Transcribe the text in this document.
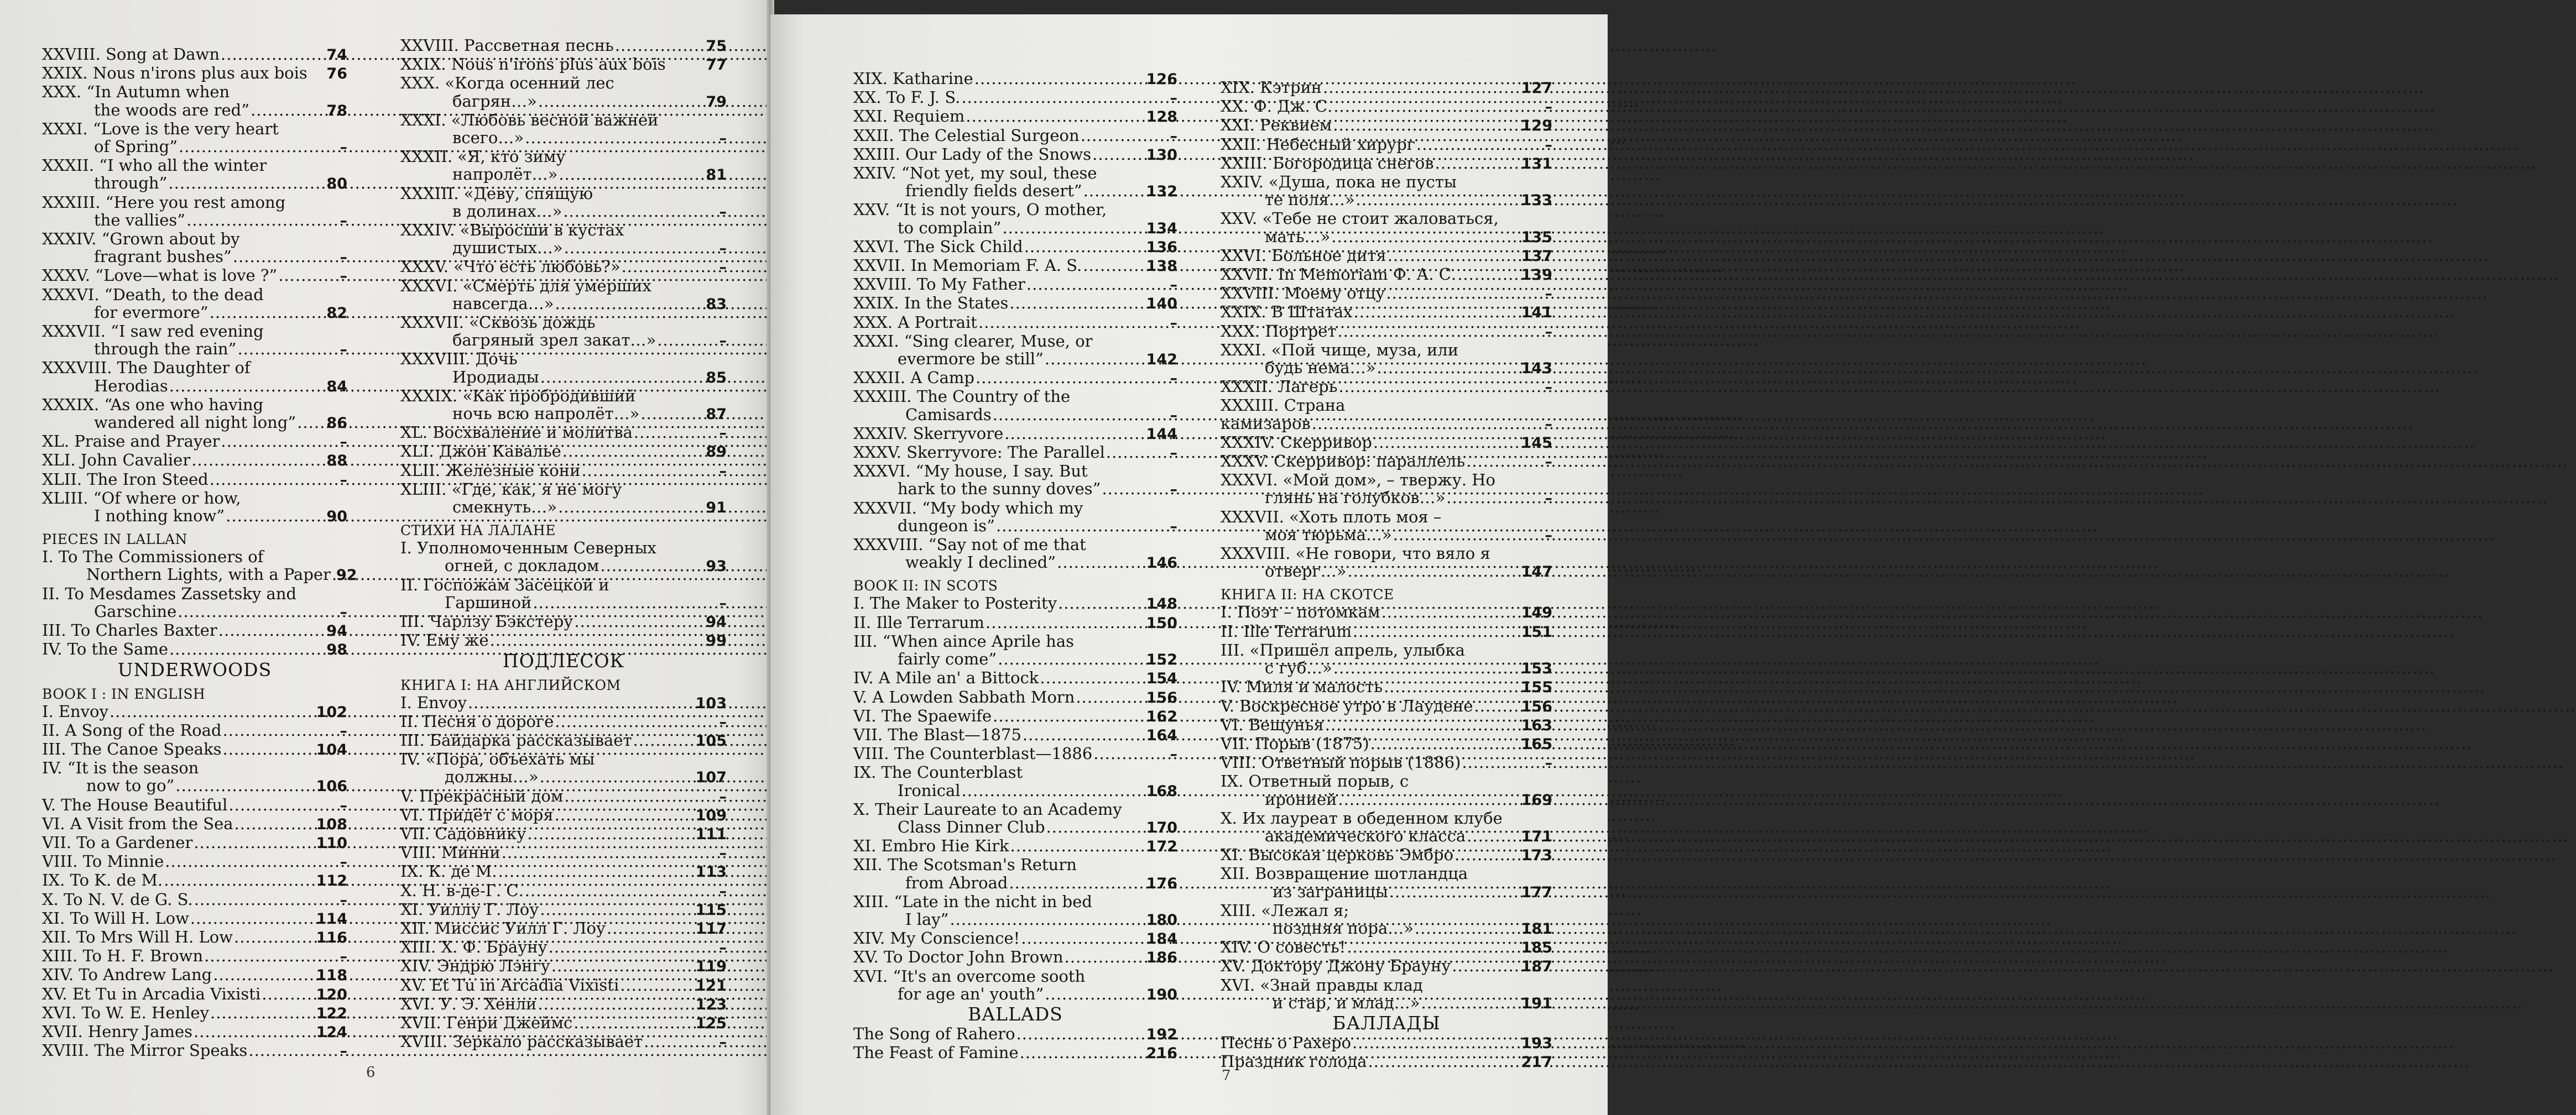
XXVIII. Song at Dawn .....	74
XXIX. Nous n'irons plus aux bois 76
XXX. “In Autumn when
the woods are red” .....	78
XXXI. “Love is the very heart
of Spring” .....	–
XXXII. “I who all the winter
through” .....	80
XXXIII. “Here you rest among
the vallies” .....	–
XXXIV. “Grown about by
fragrant bushes” .....	–
XXXV. “Love—what is love ?” .....	–
XXXVI. “Death, to the dead
for evermore” .....	82
XXXVII. “I saw red evening
through the rain” .....	–
XXXVIII. The Daughter of
Herodias .....	84
XXXIX. “As one who having
wandered all night long” ..... 86
XL. Praise and Prayer .....	–
XLI. John Cavalier .....	88
XLII. The Iron Steed .....	–
XLIII. “Of where or how,
I nothing know” .....	90
PIECES IN LALLAN
I. To The Commissioners of
Northern Lights, with a Paper ..... 92
II. To Mesdames Zassetsky and
Garschine .....	–
III. To Charles Baxter .....	94
IV. To the Same .....	98
UNDERWOODS
BOOK I : IN ENGLISH
I. Envoy .....	102
II. A Song of the Road .....	–
III. The Canoe Speaks .....	104
IV. “It is the season
now to go” .....	106
V. The House Beautiful .....	–
VI. A Visit from the Sea .....	108
VII. To a Gardener .....	110
VIII. To Minnie .....	–
IX. To K. de M. .....	112
X. To N. V. de G. S. .....	–
XI. To Will H. Low .....	114
XII. To Mrs Will H. Low .....	116
XIII. To H. F. Brown .....	–
XIV. To Andrew Lang .....	118
XV. Et Tu in Arcadia Vixisti .....	120
XVI. To W. E. Henley .....	122
XVII. Henry James .....	124
XVIII. The Mirror Speaks .....	–
XXVIII. Рассветная песнь .....	75
XXIX. Nous n'irons plus aux bois	77
XXX. «Когда осенний лес
багрян…» .....	79
XXXI. «Любовь весной важней
всего…» .....	–
XXXII. «Я, кто зиму
напролёт…» .....	81
XXXIII. «Деву, спящую
в долинах…» .....	–
XXXIV. «Выросши в кустах
душистых…» .....	–
XXXV. «Что есть любовь?» .....	–
XXXVI. «Смерть для умерших
навсегда…» .....	83
XXXVII. «Сквозь дождь
багряный зрел закат…» .....	–
XXXVIII. Дочь
Иродиады .....	85
XXXIX. «Как пробродивший
ночь всю напролёт…» .....	87
XL. Восхваление и молитва .....	–
XLI. Джон Кавалье .....	89
XLII. Железные кони .....	–
XLIII. «Где, как, я не могу
смекнуть…» .....	91
СТИХИ НА ЛАЛАНЕ
I. Уполномоченным Северных
огней, с докладом .....	93
II. Госпожам Засецкой и
Гаршиной .....	–
III. Чарлзу Бэкстеру .....	94
IV. Ему же .....	99
ПОДЛЕСОК
КНИГА I: НА АНГЛИЙСКОМ
I. Envoy .....	103
II. Песня о дороге .....	–
III. Байдарка рассказывает .....	105
IV. «Пора, объехать мы
должны…» .....	107
V. Прекрасный дом .....	–
VI. Придёт с моря .....	109
VII. Садовнику .....	111
VIII. Минни .....	–
IX. К. де М. .....	113
X. Н. в-де-Г. С. .....	–
XI. Уиллу Г. Лоу .....	115
XII. Миссис Уилл Г. Лоу .....	117
XIII. Х. Ф. Брауну .....	–
XIV. Эндрю Лэнгу .....	119
XV. Et Tu in Arcadia Vixisti .....	121
XVI. У. Э. Хенли .....	123
XVII. Генри Джеймс .....	125
XVIII. Зеркало рассказывает .....	–
6
XIX. Katharine .....	126
XX. To F. J. S. .....	–
XXI. Requiem .....	128
XXII. The Celestial Surgeon .....	–
XXIII. Our Lady of the Snows .....	130
XXIV. “Not yet, my soul, these
friendly fields desert” .....	132
XXV. “It is not yours, O mother,
to complain” .....	134
XXVI. The Sick Child .....	136
XXVII. In Memoriam F. A. S. .....	138
XXVIII. To My Father .....	–
XXIX. In the States .....	140
XXX. A Portrait .....	–
XXXI. “Sing clearer, Muse, or
evermore be still” .....	142
XXXII. A Camp .....	–
XXXIII. The Country of the
Camisards .....	–
XXXIV. Skerryvore .....	144
XXXV. Skerryvore: The Parallel .....	–
XXXVI. “My house, I say. But
hark to the sunny doves” .....	–
XXXVII. “My body which my
dungeon is” .....	–
XXXVIII. “Say not of me that
weakly I declined” .....	146
BOOK II: IN SCOTS
I. The Maker to Posterity .....	148
II. Ille Terrarum .....	150
III. “When aince Aprile has
fairly come” .....	152
IV. A Mile an' a Bittock .....	154
V. A Lowden Sabbath Morn .....	156
VI. The Spaewife .....	162
VII. The Blast—1875 .....	164
VIII. The Counterblast—1886 .....	–
IX. The Counterblast
Ironical .....	168
X. Their Laureate to an Academy
Class Dinner Club .....	170
XI. Embro Hie Kirk .....	172
XII. The Scotsman's Return
from Abroad .....	176
XIII. “Late in the nicht in bed
I lay” .....	180
XIV. My Conscience! .....	184
XV. To Doctor John Brown .....	186
XVI. “It's an overcome sooth
for age an' youth” .....	190
BALLADS
The Song of Rahero .....	192
The Feast of Famine .....	216
XIX. Кэтрин .....	127
XX. Ф. Дж. С. .....	–
XXI. Реквием .....	129
XXII. Небесный хирург .....	–
XXIII. Богородица снегов .....	131
XXIV. «Душа, пока не пусты
те поля…» .....	133
XXV. «Тебе не стоит жаловаться,
мать…» .....	135
XXVI. Больное дитя .....	137
XXVII. In Memoriam Ф. А. С. .....	139
XXVIII. Моему отцу .....	–
XXIX. В Штатах .....	141
XXX. Портрет .....	–
XXXI. «Пой чище, муза, или
будь нема…» .....	143
XXXII. Лагерь .....	–
XXXIII. Страна
камизаров .....	–
XXXIV. Скерривор .....	145
XXXV. Скерривор: параллель .....	–
XXXVI. «Мой дом», – твержу. Но
глянь на голубков…» .....	–
XXXVII. «Хоть плоть моя –
моя тюрьма…» .....	–
XXXVIII. «Не говори, что вяло я
отверг…» .....	147
КНИГА II: НА СКОТСЕ
I. Поэт – потомкам .....	149
II. Ille Terrarum .....	151
III. «Пришёл апрель, улыбка
с губ…» .....	153
IV. Миля и малость .....	155
V. Воскресное утро в Лаудене .....	156
VI. Вещунья .....	163
VII. Порыв (1875) .....	165
VIII. Ответный порыв (1886) .....	–
IX. Ответный порыв, с
иронией .....	169
X. Их лауреат в обеденном клубе
академического класса .....	171
XI. Высокая церковь Эмбро .....	173
XII. Возвращение шотландца
из заграницы .....	177
XIII. «Лежал я;
поздняя пора…» .....	181
XIV. О совесть! .....	185
XV. Доктору Джону Брауну .....	187
XVI. «Знай правды клад
и стар, и млад…» .....	191
БАЛЛАДЫ
Песнь о Рахеро .....	193
Праздник голода .....	217
7
